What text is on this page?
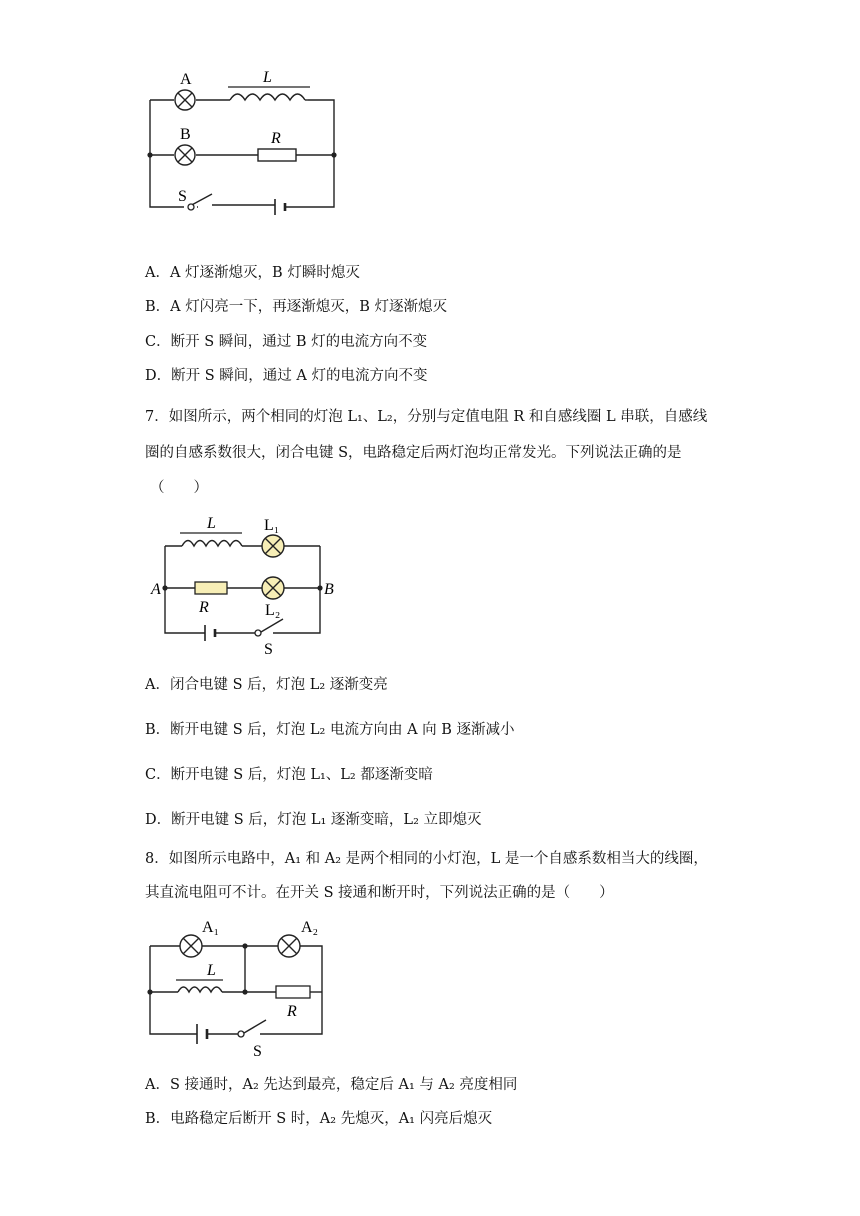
A	L
B	R
S
A．A 灯逐渐熄灭，B 灯瞬时熄灭
B．A 灯闪亮一下，再逐渐熄灭，B 灯逐渐熄灭
C．断开 S 瞬间，通过 B 灯的电流方向不变
D．断开 S 瞬间，通过 A 灯的电流方向不变
7．如图所示，两个相同的灯泡 L₁、L₂，分别与定值电阻 R 和自感线圈 L 串联，自感线
圈的自感系数很大，闭合电键 S，电路稳定后两灯泡均正常发光。下列说法正确的是
（　　）
L	L₁
A	B
R	L₂
S
A．闭合电键 S 后，灯泡 L₂ 逐渐变亮
B．断开电键 S 后，灯泡 L₂ 电流方向由 A 向 B 逐渐减小
C．断开电键 S 后，灯泡 L₁、L₂ 都逐渐变暗
D．断开电键 S 后，灯泡 L₁ 逐渐变暗，L₂ 立即熄灭
8．如图所示电路中，A₁ 和 A₂ 是两个相同的小灯泡，L 是一个自感系数相当大的线圈，
其直流电阻可不计。在开关 S 接通和断开时，下列说法正确的是（　　）
A₁	A₂
L
R
S
A．S 接通时，A₂ 先达到最亮，稳定后 A₁ 与 A₂ 亮度相同
B．电路稳定后断开 S 时，A₂ 先熄灭，A₁ 闪亮后熄灭
